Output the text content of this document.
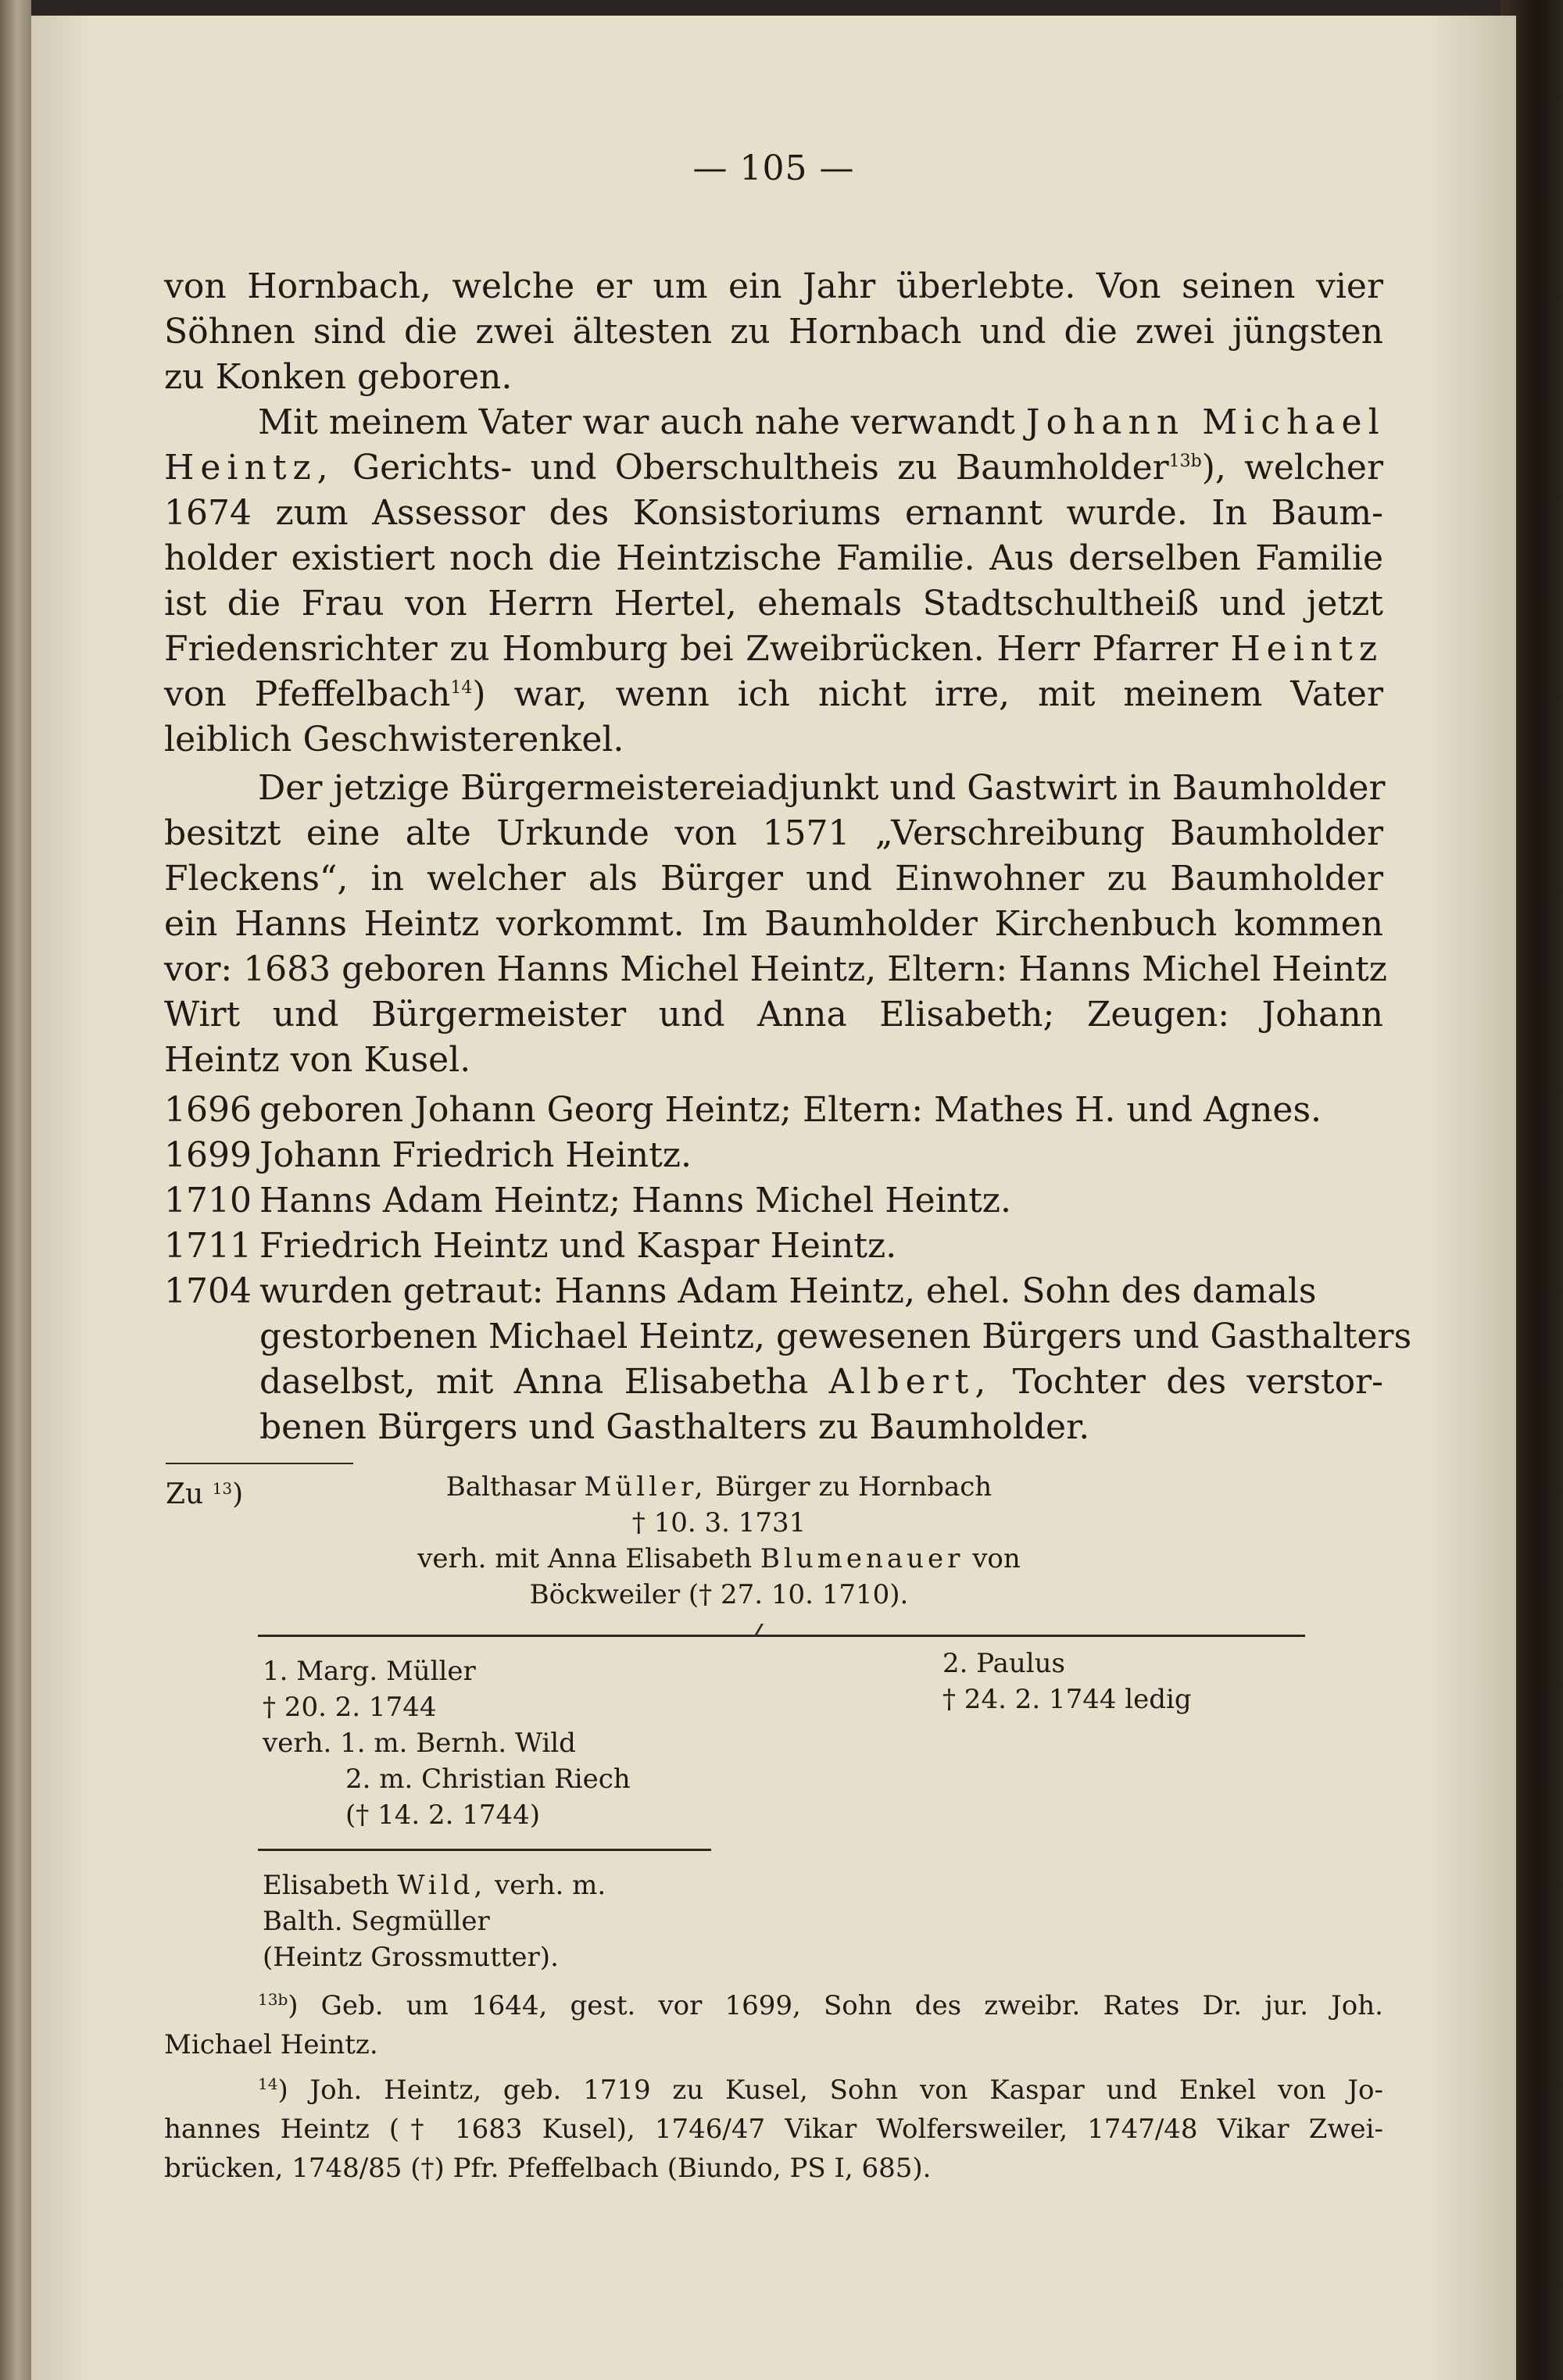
— 105 —
von Hornbach, welche er um ein Jahr überlebte. Von seinen vier
Söhnen sind die zwei ältesten zu Hornbach und die zwei jüngsten
zu Konken geboren.
Mit meinem Vater war auch nahe verwandt Johann Michael
Heintz, Gerichts- und Oberschultheis zu Baumholder$^{13b}$), welcher
1674 zum Assessor des Konsistoriums ernannt wurde. In Baum-
holder existiert noch die Heintzische Familie. Aus derselben Familie
ist die Frau von Herrn Hertel, ehemals Stadtschultheiß und jetzt
Friedensrichter zu Homburg bei Zweibrücken. Herr Pfarrer Heintz
von Pfeffelbach$^{14}$) war, wenn ich nicht irre, mit meinem Vater
leiblich Geschwisterenkel.
Der jetzige Bürgermeistereiadjunkt und Gastwirt in Baumholder
besitzt eine alte Urkunde von 1571 „Verschreibung Baumholder
Fleckens“, in welcher als Bürger und Einwohner zu Baumholder
ein Hanns Heintz vorkommt. Im Baumholder Kirchenbuch kommen
vor: 1683 geboren Hanns Michel Heintz, Eltern: Hanns Michel Heintz
Wirt und Bürgermeister und Anna Elisabeth; Zeugen: Johann
Heintz von Kusel.
1696 geboren Johann Georg Heintz; Eltern: Mathes H. und Agnes.
1699 Johann Friedrich Heintz.
1710 Hanns Adam Heintz; Hanns Michel Heintz.
1711 Friedrich Heintz und Kaspar Heintz.
1704 wurden getraut: Hanns Adam Heintz, ehel. Sohn des damals
gestorbenen Michael Heintz, gewesenen Bürgers und Gasthalters
daselbst, mit Anna Elisabetha Albert, Tochter des verstor-
benen Bürgers und Gasthalters zu Baumholder.
Zu $^{13}$)	Balthasar Müller, Bürger zu Hornbach
† 10. 3. 1731
verh. mit Anna Elisabeth Blumenauer von
Böckweiler († 27. 10. 1710).
1. Marg. Müller
† 20. 2. 1744
verh. 1. m. Bernh. Wild
2. m. Christian Riech
(† 14. 2. 1744)
2. Paulus
† 24. 2. 1744 ledig
Elisabeth Wild, verh. m.
Balth. Segmüller
(Heintz Grossmutter).
$^{13b}$) Geb. um 1644, gest. vor 1699, Sohn des zweibr. Rates Dr. jur. Joh.
Michael Heintz.
$^{14}$) Joh. Heintz, geb. 1719 zu Kusel, Sohn von Kaspar und Enkel von Jo-
hannes Heintz († 1683 Kusel), 1746/47 Vikar Wolfersweiler, 1747/48 Vikar Zwei-
brücken, 1748/85 (†) Pfr. Pfeffelbach (Biundo, PS I, 685).
